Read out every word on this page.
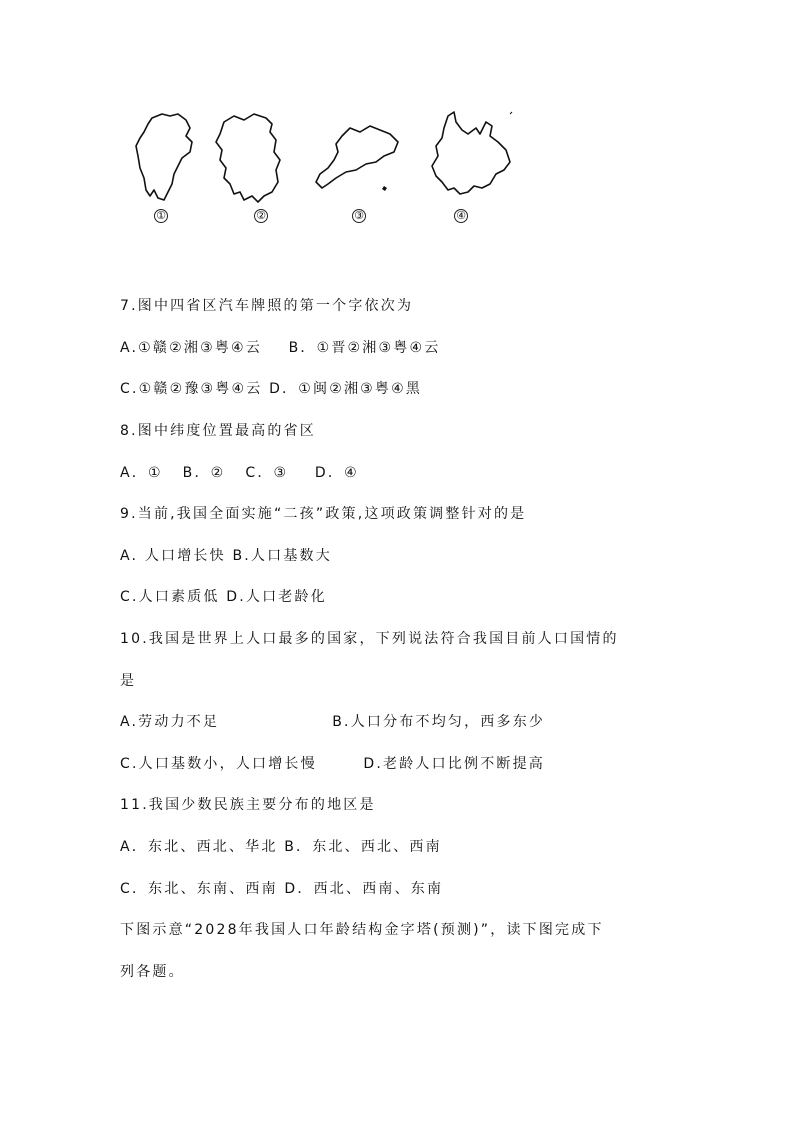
①	②	③	④

7.图中四省区汽车牌照的第一个字依次为

A.①赣②湘③粤④云    B．①晋②湘③粤④云

C.①赣②豫③粤④云 D．①闽②湘③粤④黑

8.图中纬度位置最高的省区

A．①   B．②   C．③    D．④

9.当前,我国全面实施“二孩”政策,这项政策调整针对的是

A. 人口增长快 B.人口基数大

C.人口素质低 D.人口老龄化

10.我国是世界上人口最多的国家，下列说法符合我国目前人口国情的

是

A.劳动力不足                 B.人口分布不均匀，西多东少

C.人口基数小，人口增长慢       D.老龄人口比例不断提高

11.我国少数民族主要分布的地区是

A．东北、西北、华北 B．东北、西北、西南

C．东北、东南、西南 D．西北、西南、东南

下图示意“2028年我国人口年龄结构金字塔(预测)”，读下图完成下

列各题。
